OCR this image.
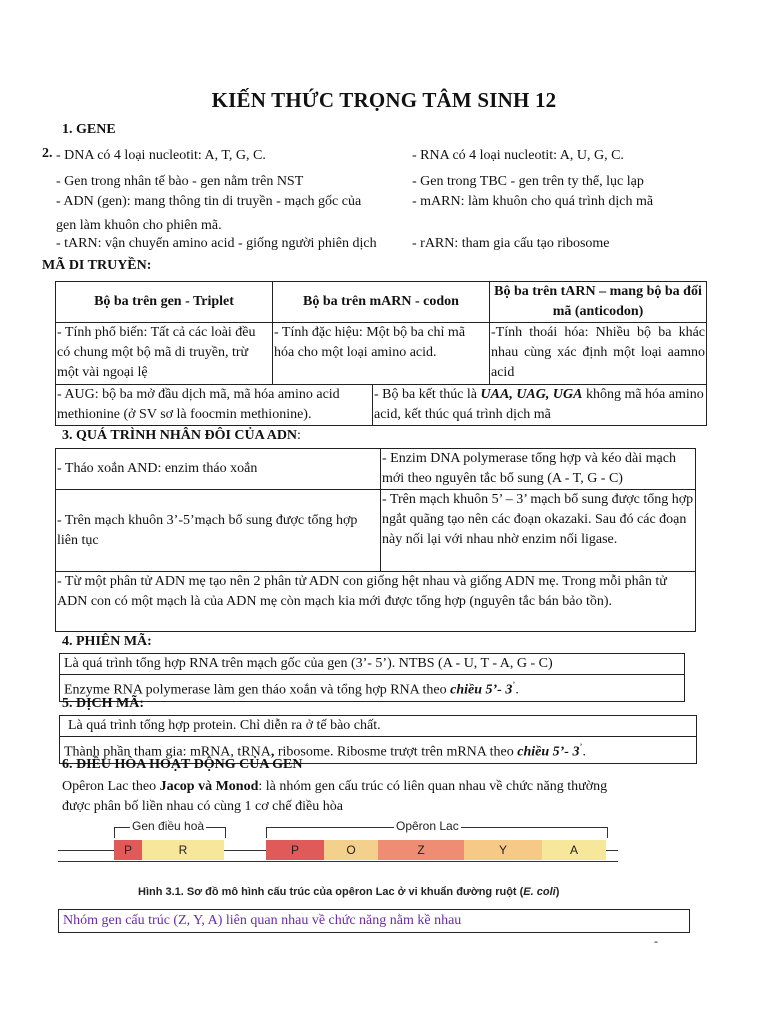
KIẾN THỨC TRỌNG TÂM SINH 12
1. GENE
2. - DNA có 4 loại nucleotit: A, T, G, C.
- Gen trong nhân tế bào - gen nằm trên NST
- ADN (gen): mang thông tin di truyền - mạch gốc của
gen làm khuôn cho phiên mã.
- tARN: vận chuyển amino acid - giống người phiên dịch
- RNA có 4 loại nucleotit: A, U, G, C.
- Gen trong TBC - gen trên ty thể, lục lạp
- mARN: làm khuôn cho quá trình dịch mã
- rARN: tham gia cấu tạo ribosome
MÃ DI TRUYỀN:
Bộ ba trên gen - Triplet	Bộ ba trên mARN - codon	Bộ ba trên tARN – mang bộ ba đối mã (anticodon)
- Tính phổ biến: Tất cả các loài đều có chung một bộ mã di truyền, trừ một vài ngoại lệ	- Tính đặc hiệu: Một bộ ba chỉ mã hóa cho một loại amino acid.	-Tính thoái hóa: Nhiều bộ ba khác nhau cùng xác định một loại aamno acid
- AUG: bộ ba mở đầu dịch mã, mã hóa amino acid methionine (ở SV sơ là foocmin methionine).	- Bộ ba kết thúc là UAA, UAG, UGA không mã hóa amino acid, kết thúc quá trình dịch mã
3. QUÁ TRÌNH NHÂN ĐÔI CỦA ADN:
- Tháo xoắn AND: enzim tháo xoắn	- Enzim DNA polymerase tổng hợp và kéo dài mạch mới theo nguyên tắc bổ sung (A - T, G - C)
- Trên mạch khuôn 3’-5’mạch bổ sung được tổng hợp liên tục	- Trên mạch khuôn 5’ – 3’ mạch bổ sung được tổng hợp ngắt quãng tạo nên các đoạn okazaki. Sau đó các đoạn này nối lại với nhau nhờ enzim nối ligase.
- Từ một phân tử ADN mẹ tạo nên 2 phân tử ADN con giống hệt nhau và giống ADN mẹ. Trong mỗi phân tử ADN con có một mạch là của ADN mẹ còn mạch kia mới được tổng hợp (nguyên tắc bán bảo tồn).	
4. PHIÊN MÃ:
Là quá trình tổng hợp RNA trên mạch gốc của gen (3’- 5’). NTBS (A - U, T - A, G - C)
Enzyme RNA polymerase làm gen tháo xoắn và tổng hợp RNA theo chiều 5’- 3’.
5. DỊCH MÃ:
Là quá trình tổng hợp protein. Chỉ diễn ra ở tế bào chất.
Thành phần tham gia: mRNA, tRNA, ribosome. Ribosme trượt trên mRNA theo chiều 5’- 3’.
6. ĐIỀU HÒA HOẠT ĐỘNG CỦA GEN
Opêron Lac theo Jacop và Monod: là nhóm gen cấu trúc có liên quan nhau về chức năng thường
được phân bố liền nhau có cùng 1 cơ chế điều hòa
Gen điều hoà	Opêron Lac
P	R	P	O	Z	Y	A
Hình 3.1. Sơ đồ mô hình cấu trúc của opêron Lac ở vi khuẩn đường ruột (E. coli)
Nhóm gen cấu trúc (Z, Y, A) liên quan nhau về chức năng nằm kề nhau
-
